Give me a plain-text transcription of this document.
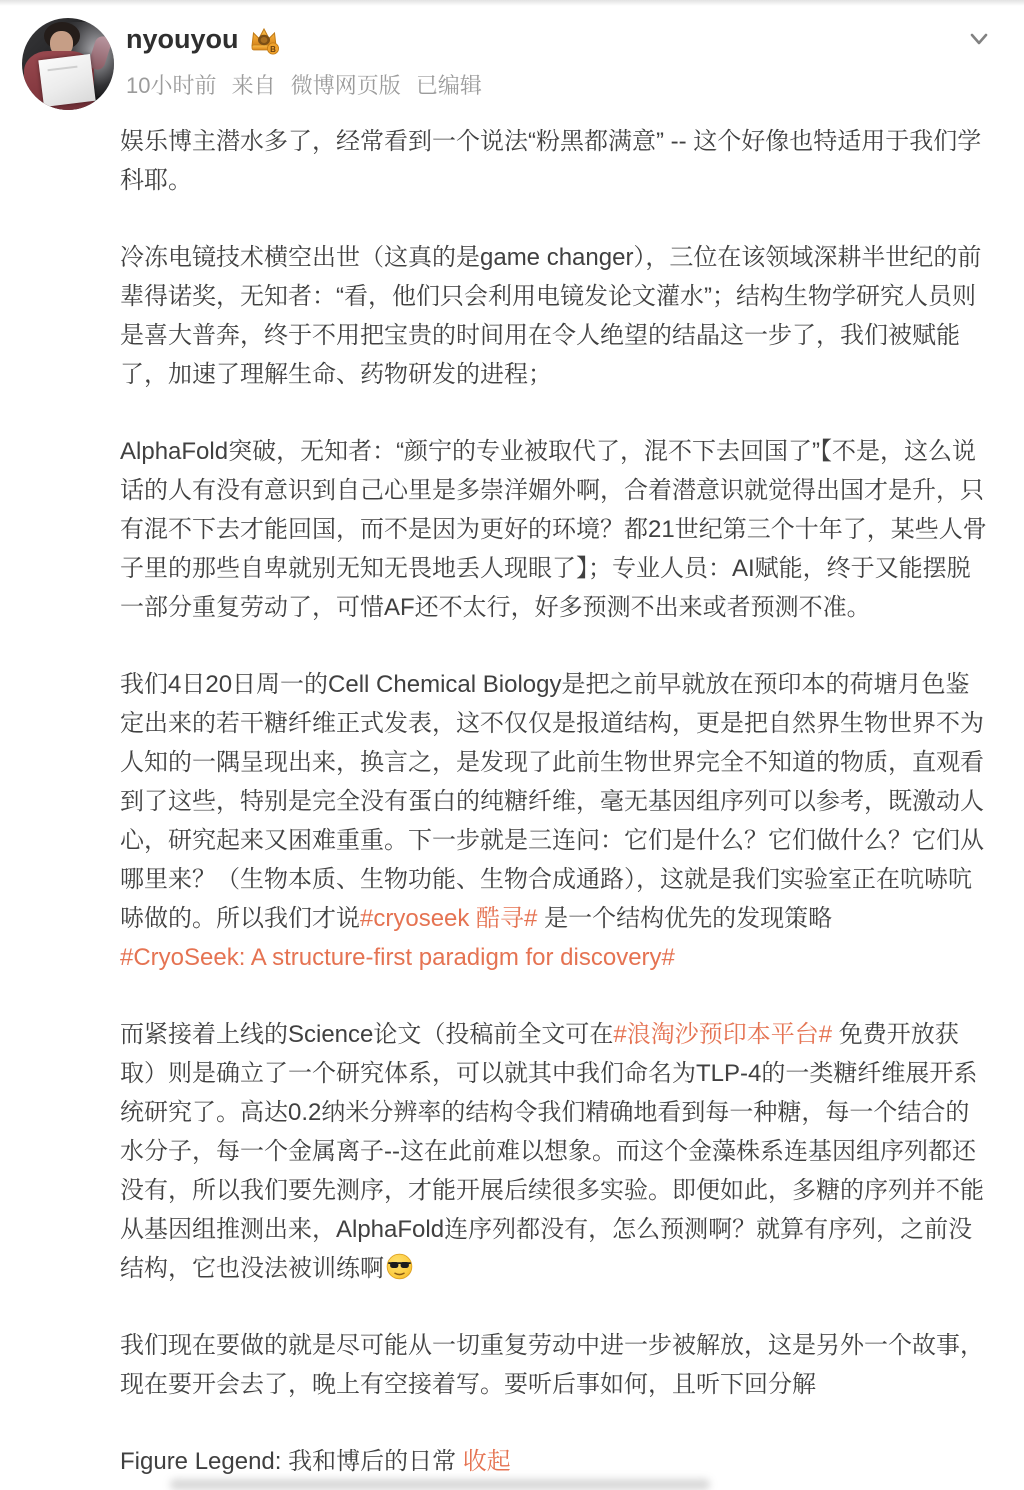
··
nyouyou	B
10小时前 来自 微博网页版 已编辑

娱乐博主潜水多了，经常看到一个说法“粉黑都满意” -- 这个好像也特适用于我们学科耶。

冷冻电镜技术横空出世（这真的是game changer），三位在该领域深耕半世纪的前辈得诺奖，无知者：“看，他们只会利用电镜发论文灌水”；结构生物学研究人员则是喜大普奔，终于不用把宝贵的时间用在令人绝望的结晶这一步了，我们被赋能了，加速了理解生命、药物研发的进程；

AlphaFold突破，无知者：“颜宁的专业被取代了，混不下去回国了”【不是，这么说话的人有没有意识到自己心里是多崇洋媚外啊，合着潜意识就觉得出国才是升，只有混不下去才能回国，而不是因为更好的环境？都21世纪第三个十年了，某些人骨子里的那些自卑就别无知无畏地丢人现眼了】；专业人员：AI赋能，终于又能摆脱一部分重复劳动了，可惜AF还不太行，好多预测不出来或者预测不准。

我们4日20日周一的Cell Chemical Biology是把之前早就放在预印本的荷塘月色鉴定出来的若干糖纤维正式发表，这不仅仅是报道结构，更是把自然界生物世界不为人知的一隅呈现出来，换言之，是发现了此前生物世界完全不知道的物质，直观看到了这些，特别是完全没有蛋白的纯糖纤维，毫无基因组序列可以参考，既激动人心，研究起来又困难重重。下一步就是三连问：它们是什么？它们做什么？它们从哪里来？（生物本质、生物功能、生物合成通路），这就是我们实验室正在吭哧吭哧做的。所以我们才说#cryoseek 酷寻# 是一个结构优先的发现策略 #CryoSeek: A structure-first paradigm for discovery#

而紧接着上线的Science论文（投稿前全文可在#浪淘沙预印本平台# 免费开放获取）则是确立了一个研究体系，可以就其中我们命名为TLP-4的一类糖纤维展开系统研究了。高达0.2纳米分辨率的结构令我们精确地看到每一种糖，每一个结合的水分子，每一个金属离子--这在此前难以想象。而这个金藻株系连基因组序列都还没有，所以我们要先测序，才能开展后续很多实验。即便如此，多糖的序列并不能从基因组推测出来，AlphaFold连序列都没有，怎么预测啊？就算有序列，之前没结构，它也没法被训练啊

我们现在要做的就是尽可能从一切重复劳动中进一步被解放，这是另外一个故事，现在要开会去了，晚上有空接着写。要听后事如何，且听下回分解

Figure Legend: 我和博后的日常 收起
